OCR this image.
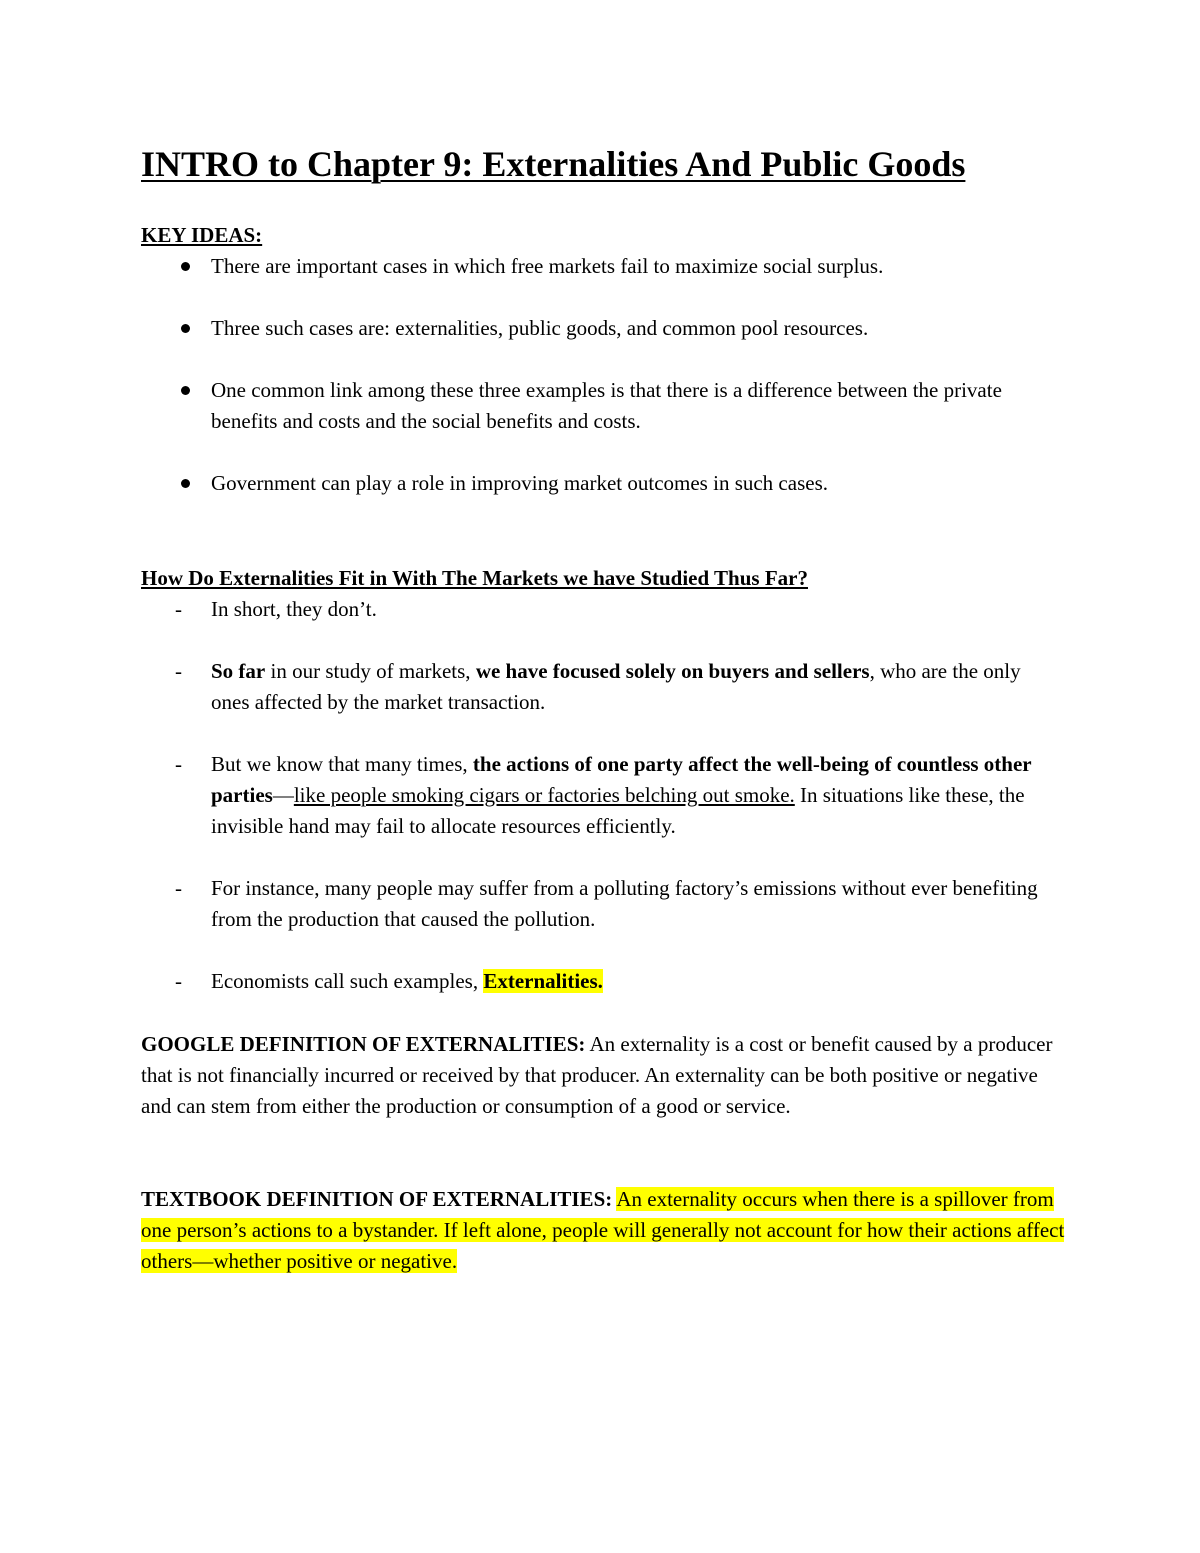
INTRO to Chapter 9: Externalities And Public Goods
KEY IDEAS:
There are important cases in which free markets fail to maximize social surplus.
Three such cases are: externalities, public goods, and common pool resources.
One common link among these three examples is that there is a difference between the private benefits and costs and the social benefits and costs.
Government can play a role in improving market outcomes in such cases.
How Do Externalities Fit in With The Markets we have Studied Thus Far?
- In short, they don’t.
- So far in our study of markets, we have focused solely on buyers and sellers, who are the only ones affected by the market transaction.
- But we know that many times, the actions of one party affect the well-being of countless other parties—like people smoking cigars or factories belching out smoke. In situations like these, the invisible hand may fail to allocate resources efficiently.
- For instance, many people may suffer from a polluting factory’s emissions without ever benefiting from the production that caused the pollution.
- Economists call such examples, Externalities.

GOOGLE DEFINITION OF EXTERNALITIES: An externality is a cost or benefit caused by a producer that is not financially incurred or received by that producer. An externality can be both positive or negative and can stem from either the production or consumption of a good or service.

TEXTBOOK DEFINITION OF EXTERNALITIES: An externality occurs when there is a spillover from one person’s actions to a bystander. If left alone, people will generally not account for how their actions affect others—whether positive or negative.
